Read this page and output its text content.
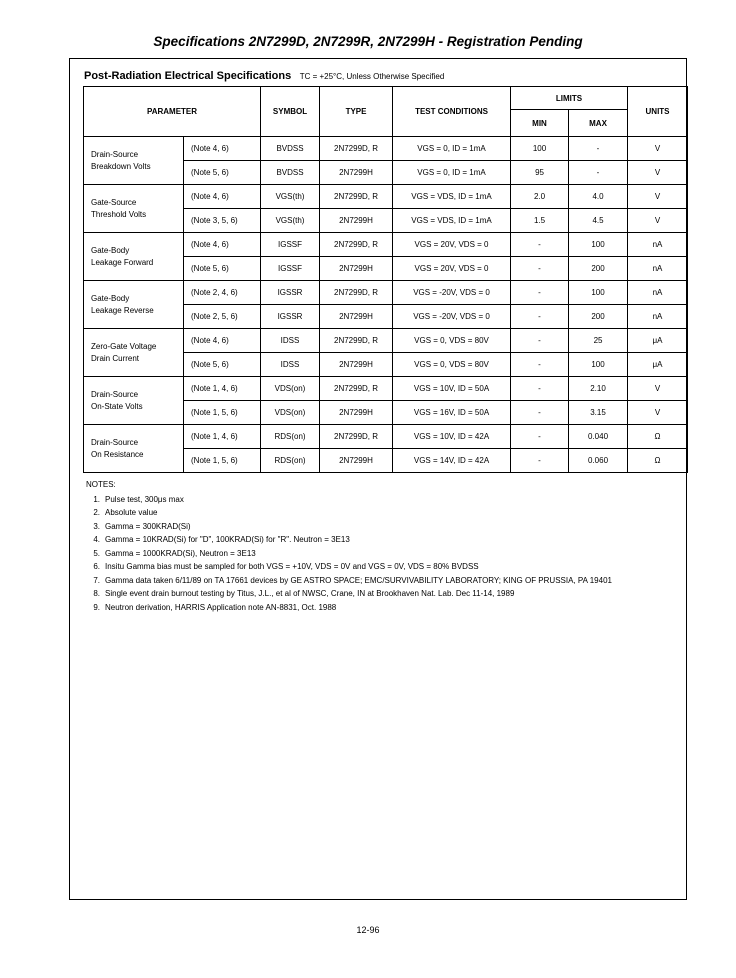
Specifications 2N7299D, 2N7299R, 2N7299H - Registration Pending
Post-Radiation Electrical Specifications TC = +25°C, Unless Otherwise Specified
PARAMETER		SYMBOL	TYPE	TEST CONDITIONS	LIMITS		UNITS
					MIN	MAX	

Drain-Source
Breakdown Volts	(Note 4, 6)	BVDSS	2N7299D, R	VGS = 0, ID = 1mA	100	-	V
	(Note 5, 6)	BVDSS	2N7299H	VGS = 0, ID = 1mA	95	-	V

Gate-Source
Threshold Volts	(Note 4, 6)	VGS(th)	2N7299D, R	VGS = VDS, ID = 1mA	2.0	4.0	V
	(Note 3, 5, 6)	VGS(th)	2N7299H	VGS = VDS, ID = 1mA	1.5	4.5	V

Gate-Body
Leakage Forward	(Note 4, 6)	IGSSF	2N7299D, R	VGS = 20V, VDS = 0	-	100	nA
	(Note 5, 6)	IGSSF	2N7299H	VGS = 20V, VDS = 0	-	200	nA

Gate-Body
Leakage Reverse	(Note 2, 4, 6)	IGSSR	2N7299D, R	VGS = -20V, VDS = 0	-	100	nA
	(Note 2, 5, 6)	IGSSR	2N7299H	VGS = -20V, VDS = 0	-	200	nA

Zero-Gate Voltage
Drain Current	(Note 4, 6)	IDSS	2N7299D, R	VGS = 0, VDS = 80V	-	25	μA
	(Note 5, 6)	IDSS	2N7299H	VGS = 0, VDS = 80V	-	100	μA

Drain-Source
On-State Volts	(Note 1, 4, 6)	VDS(on)	2N7299D, R	VGS = 10V, ID = 50A	-	2.10	V
	(Note 1, 5, 6)	VDS(on)	2N7299H	VGS = 16V, ID = 50A	-	3.15	V

Drain-Source
On Resistance	(Note 1, 4, 6)	RDS(on)	2N7299D, R	VGS = 10V, ID = 42A	-	0.040	Ω
	(Note 1, 5, 6)	RDS(on)	2N7299H	VGS = 14V, ID = 42A	-	0.060	Ω
NOTES:
1. Pulse test, 300μs max
2. Absolute value
3. Gamma = 300KRAD(Si)
4. Gamma = 10KRAD(Si) for "D", 100KRAD(Si) for "R". Neutron = 3E13
5. Gamma = 1000KRAD(Si), Neutron = 3E13
6. Insitu Gamma bias must be sampled for both VGS = +10V, VDS = 0V and VGS = 0V, VDS = 80% BVDSS
7. Gamma data taken 6/11/89 on TA 17661 devices by GE ASTRO SPACE; EMC/SURVIVABILITY LABORATORY; KING OF PRUSSIA, PA 19401
8. Single event drain burnout testing by Titus, J.L., et al of NWSC, Crane, IN at Brookhaven Nat. Lab. Dec 11-14, 1989
9. Neutron derivation, HARRIS Application note AN-8831, Oct. 1988
12-96
